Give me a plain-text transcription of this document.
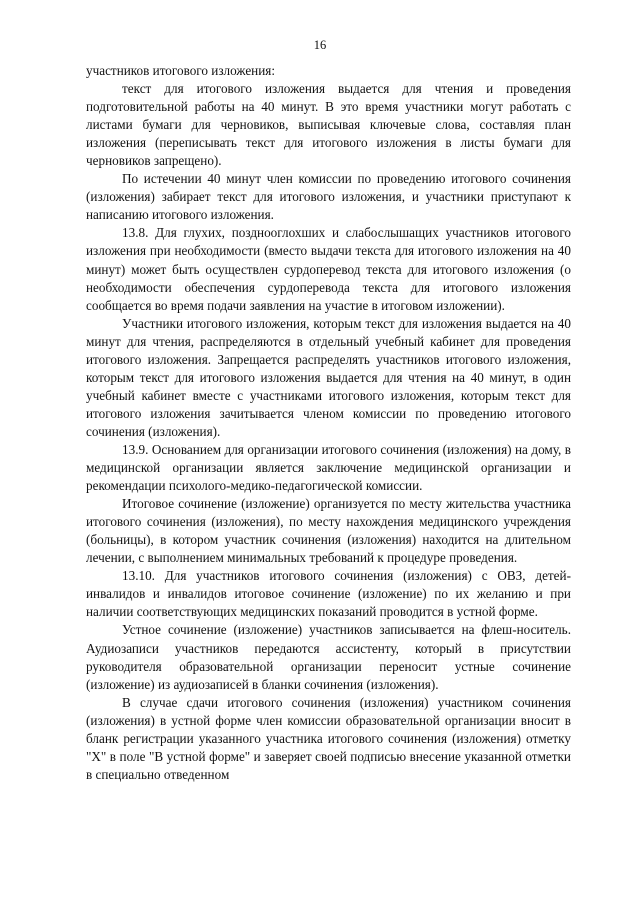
16

участников итогового изложения:

текст для итогового изложения выдается для чтения и проведения подготовительной работы на 40 минут. В это время участники могут работать с листами бумаги для черновиков, выписывая ключевые слова, составляя план изложения (переписывать текст для итогового изложения в листы бумаги для черновиков запрещено).

По истечении 40 минут член комиссии по проведению итогового сочинения (изложения) забирает текст для итогового изложения, и участники приступают к написанию итогового изложения.

13.8. Для глухих, позднооглохших и слабослышащих участников итогового изложения при необходимости (вместо выдачи текста для итогового изложения на 40 минут) может быть осуществлен сурдоперевод текста для итогового изложения (о необходимости обеспечения сурдоперевода текста для итогового изложения сообщается во время подачи заявления на участие в итоговом изложении).

Участники итогового изложения, которым текст для изложения выдается на 40 минут для чтения, распределяются в отдельный учебный кабинет для проведения итогового изложения. Запрещается распределять участников итогового изложения, которым текст для итогового изложения выдается для чтения на 40 минут, в один учебный кабинет вместе с участниками итогового изложения, которым текст для итогового изложения зачитывается членом комиссии по проведению итогового сочинения (изложения).

13.9. Основанием для организации итогового сочинения (изложения) на дому, в медицинской организации является заключение медицинской организации и рекомендации психолого-медико-педагогической комиссии.

Итоговое сочинение (изложение) организуется по месту жительства участника итогового сочинения (изложения), по месту нахождения медицинского учреждения (больницы), в котором участник сочинения (изложения) находится на длительном лечении, с выполнением минимальных требований к процедуре проведения.

13.10. Для участников итогового сочинения (изложения) с ОВЗ, детей-инвалидов и инвалидов итоговое сочинение (изложение) по их желанию и при наличии соответствующих медицинских показаний проводится в устной форме.

Устное сочинение (изложение) участников записывается на флеш-носитель. Аудиозаписи участников передаются ассистенту, который в присутствии руководителя образовательной организации переносит устные сочинение (изложение) из аудиозаписей в бланки сочинения (изложения).

В случае сдачи итогового сочинения (изложения) участником сочинения (изложения) в устной форме член комиссии образовательной организации вносит в бланк регистрации указанного участника итогового сочинения (изложения) отметку "Х" в поле "В устной форме" и заверяет своей подписью внесение указанной отметки в специально отведенном
